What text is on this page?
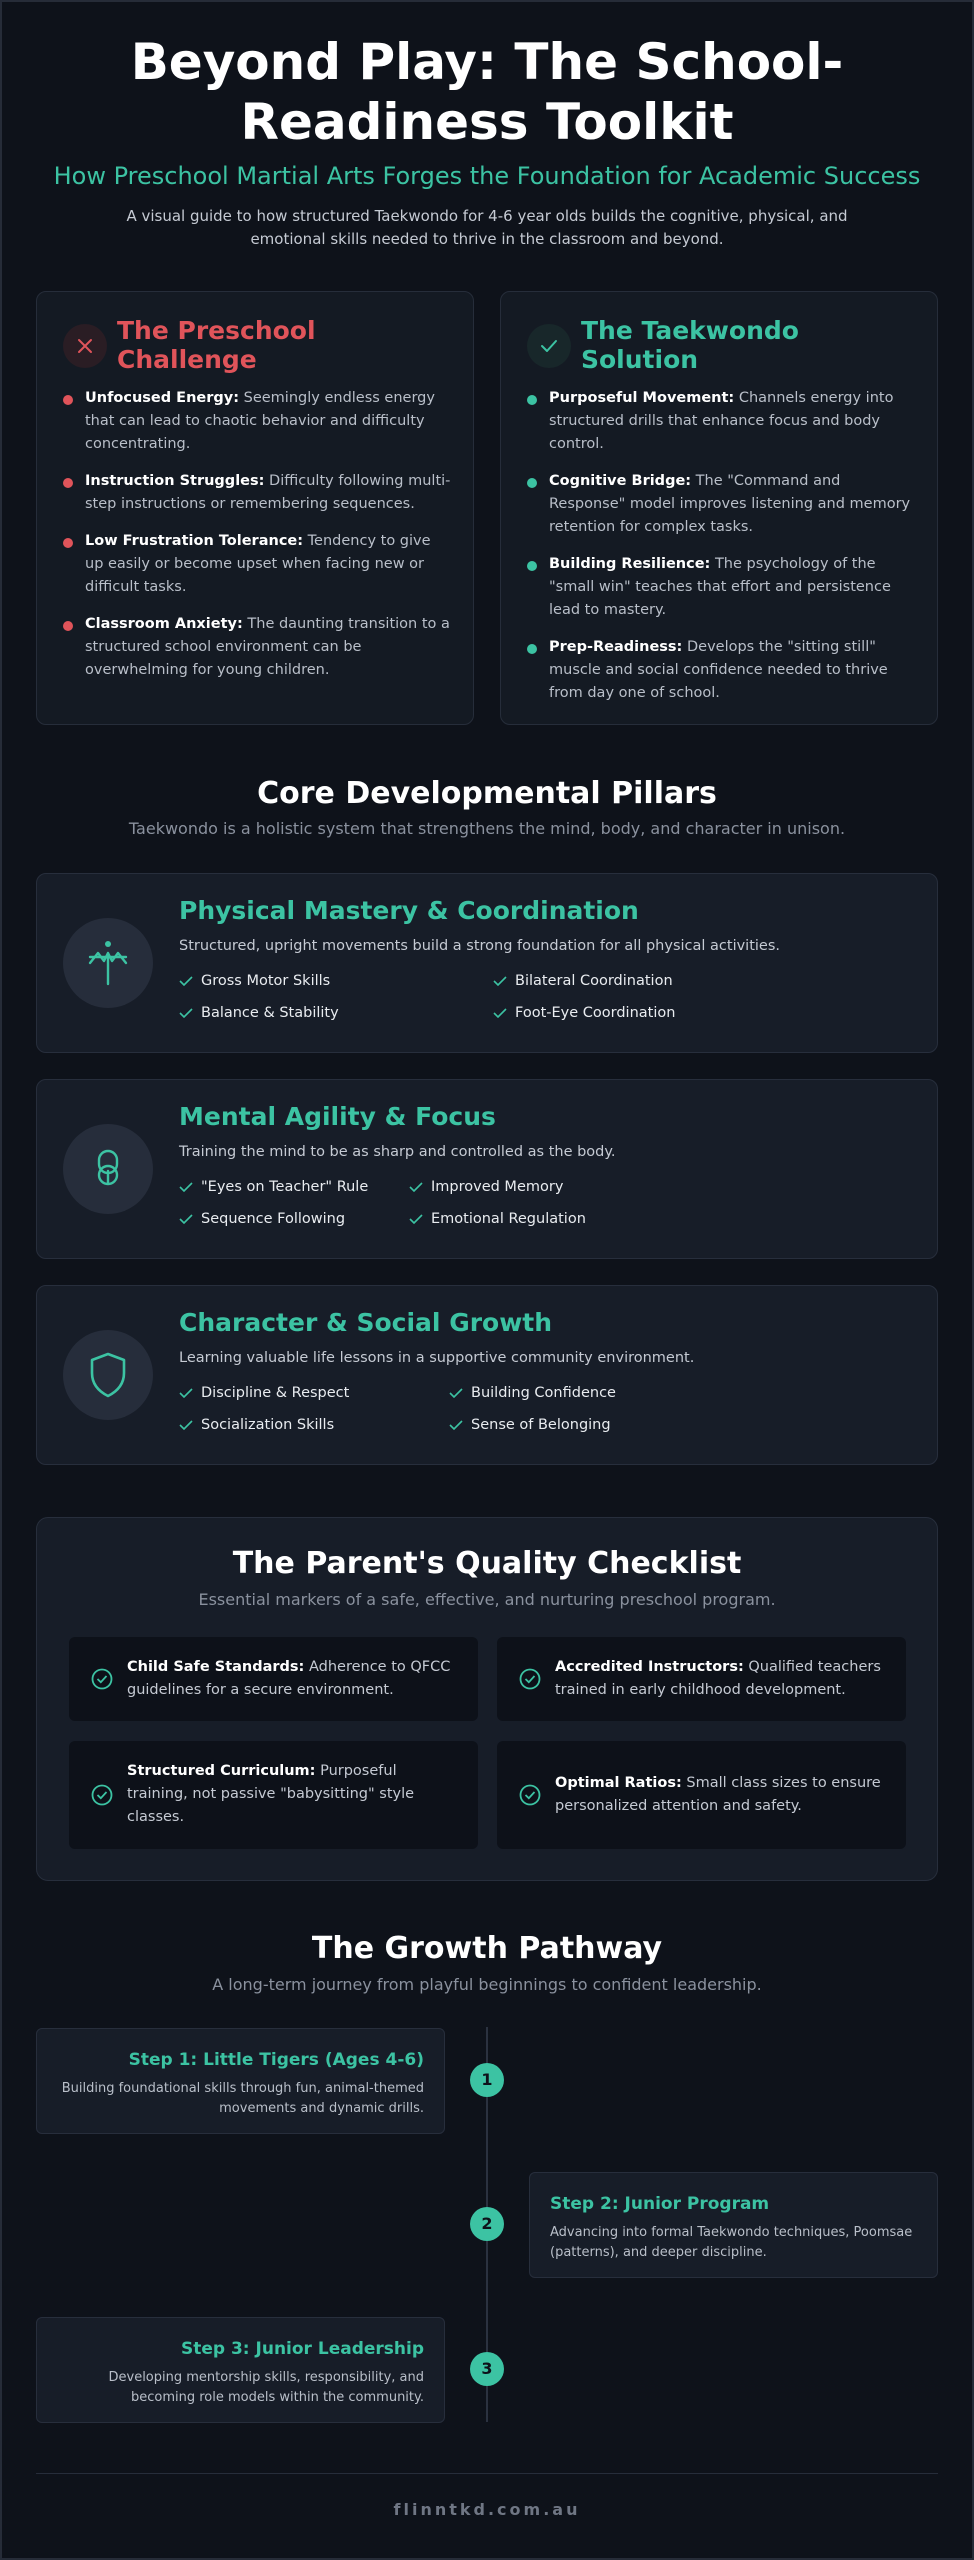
Beyond Play: The School-Readiness Toolkit
How Preschool Martial Arts Forges the Foundation for Academic Success

A visual guide to how structured Taekwondo for 4-6 year olds builds the cognitive, physical, and emotional skills needed to thrive in the classroom and beyond.

The Preschool Challenge
Unfocused Energy: Seemingly endless energy that can lead to chaotic behavior and difficulty concentrating.
Instruction Struggles: Difficulty following multi-step instructions or remembering sequences.
Low Frustration Tolerance: Tendency to give up easily or become upset when facing new or difficult tasks.
Classroom Anxiety: The daunting transition to a structured school environment can be overwhelming for young children.
The Taekwondo Solution
Purposeful Movement: Channels energy into structured drills that enhance focus and body control.
Cognitive Bridge: The "Command and Response" model improves listening and memory retention for complex tasks.
Building Resilience: The psychology of the "small win" teaches that effort and persistence lead to mastery.
Prep-Readiness: Develops the "sitting still" muscle and social confidence needed to thrive from day one of school.
Core Developmental Pillars

Taekwondo is a holistic system that strengthens the mind, body, and character in unison.

Physical Mastery & Coordination

Structured, upright movements build a strong foundation for all physical activities.

Gross Motor Skills	Bilateral Coordination
Balance & Stability	Foot-Eye Coordination
Mental Agility & Focus

Training the mind to be as sharp and controlled as the body.

"Eyes on Teacher" Rule	Improved Memory
Sequence Following	Emotional Regulation
Character & Social Growth

Learning valuable life lessons in a supportive community environment.

Discipline & Respect	Building Confidence
Socialization Skills	Sense of Belonging
The Parent's Quality Checklist

Essential markers of a safe, effective, and nurturing preschool program.

Child Safe Standards: Adherence to QFCC guidelines for a secure environment.
Accredited Instructors: Qualified teachers trained in early childhood development.
Structured Curriculum: Purposeful training, not passive "babysitting" style classes.
Optimal Ratios: Small class sizes to ensure personalized attention and safety.
The Growth Pathway

A long-term journey from playful beginnings to confident leadership.

Step 1: Little Tigers (Ages 4-6)
Building foundational skills through fun, animal-themed movements and dynamic drills.
1
Step 2: Junior Program
Advancing into formal Taekwondo techniques, Poomsae (patterns), and deeper discipline.
2
Step 3: Junior Leadership
Developing mentorship skills, responsibility, and becoming role models within the community.
3
flinntkd.com.au
